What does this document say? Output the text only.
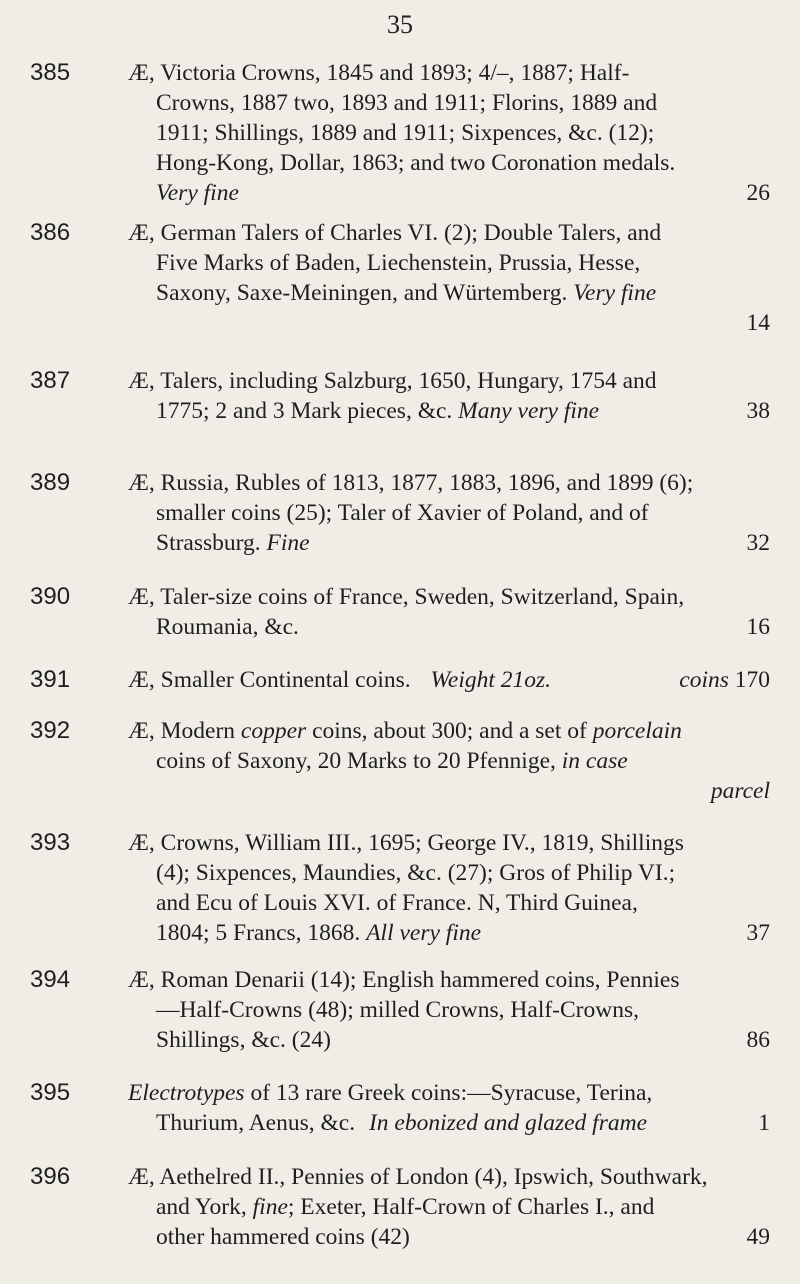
35
385	Æ, Victoria Crowns, 1845 and 1893; 4/–, 1887; Half-
Crowns, 1887 two, 1893 and 1911; Florins, 1889 and
1911; Shillings, 1889 and 1911; Sixpences, &c. (12);
Hong-Kong, Dollar, 1863; and two Coronation medals.
Very fine	26
386	Æ, German Talers of Charles VI. (2); Double Talers, and
Five Marks of Baden, Liechenstein, Prussia, Hesse,
Saxony, Saxe-Meiningen, and Würtemberg. Very fine
14
387	Æ, Talers, including Salzburg, 1650, Hungary, 1754 and
1775; 2 and 3 Mark pieces, &c. Many very fine	38
389	Æ, Russia, Rubles of 1813, 1877, 1883, 1896, and 1899 (6);
smaller coins (25); Taler of Xavier of Poland, and of
Strassburg. Fine	32
390	Æ, Taler-size coins of France, Sweden, Switzerland, Spain,
Roumania, &c.	16
391	Æ, Smaller Continental coins. Weight 21oz.	coins 170
392	Æ, Modern copper coins, about 300; and a set of porcelain
coins of Saxony, 20 Marks to 20 Pfennige, in case
parcel
393	Æ, Crowns, William III., 1695; George IV., 1819, Shillings
(4); Sixpences, Maundies, &c. (27); Gros of Philip VI.;
and Ecu of Louis XVI. of France. N, Third Guinea,
1804; 5 Francs, 1868. All very fine	37
394	Æ, Roman Denarii (14); English hammered coins, Pennies
—Half-Crowns (48); milled Crowns, Half-Crowns,
Shillings, &c. (24)	86
395	Electrotypes of 13 rare Greek coins:—Syracuse, Terina,
Thurium, Aenus, &c. In ebonized and glazed frame	1
396	Æ, Aethelred II., Pennies of London (4), Ipswich, Southwark,
and York, fine; Exeter, Half-Crown of Charles I., and
other hammered coins (42)	49
